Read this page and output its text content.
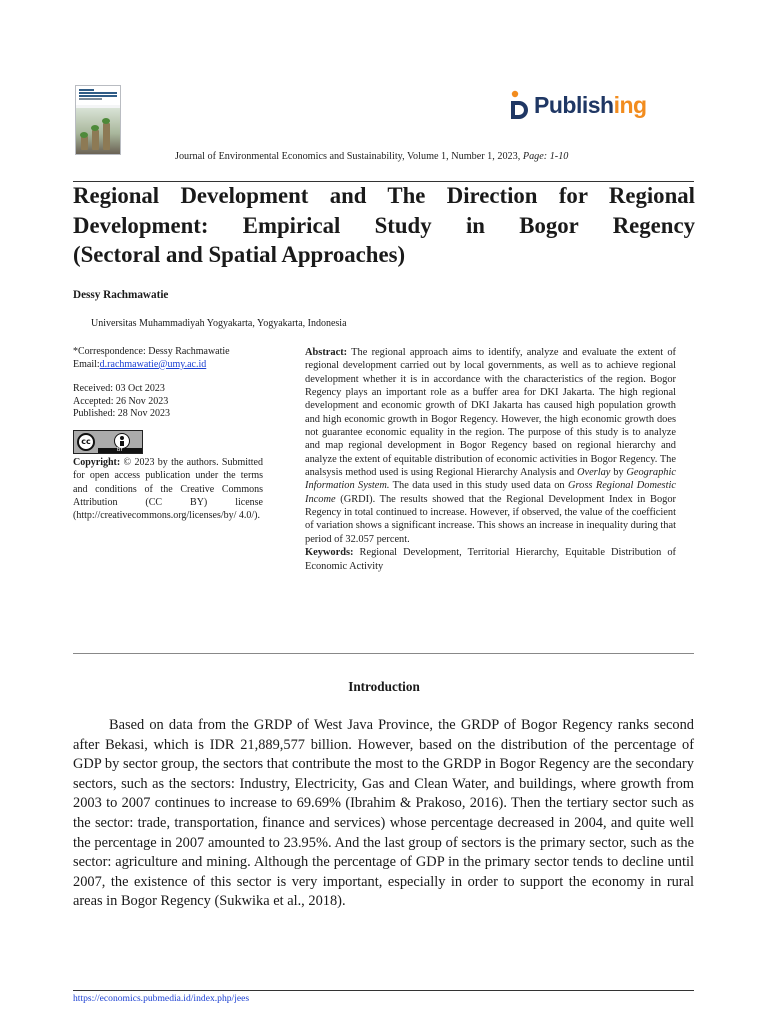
Publishing
Journal of Environmental Economics and Sustainability, Volume 1, Number 1, 2023, Page: 1-10
Regional Development and The Direction for Regional
Development: Empirical Study in Bogor Regency
(Sectoral and Spatial Approaches)
Dessy Rachmawatie
Universitas Muhammadiyah Yogyakarta, Yogyakarta, Indonesia
*Correspondence: Dessy Rachmawatie
Email:d.rachmawatie@umy.ac.id
Received: 03 Oct 2023
Accepted: 26 Nov 2023
Published: 28 Nov 2023
cc
BY
Copyright: © 2023 by the authors. Submitted for open access publication under the terms and conditions of the Creative Commons Attribution (CC BY) license (http://creativecommons.org/licenses/by/ 4.0/).
Abstract: The regional approach aims to identify, analyze and evaluate the extent of regional development carried out by local governments, as well as to achieve regional development whether it is in accordance with the characteristics of the region. Bogor Regency plays an important role as a buffer area for DKI Jakarta. The high regional development and economic growth of DKI Jakarta has caused high population growth and high economic growth in Bogor Regency. However, the high economic growth does not guarantee economic equality in the region. The purpose of this study is to analyze and map regional development in Bogor Regency based on regional hierarchy and analyze the extent of equitable distribution of economic activities in Bogor Regency. The analsysis method used is using Regional Hierarchy Analysis and Overlay by Geographic Information System. The data used in this study used data on Gross Regional Domestic Income (GRDI). The results showed that the Regional Development Index in Bogor Regency in total continued to increase. However, if observed, the value of the coefficient of variation shows a significant increase. This shows an increase in inequality during that period of 32.057 percent.
Keywords: Regional Development, Territorial Hierarchy, Equitable Distribution of Economic Activity
Introduction
Based on data from the GRDP of West Java Province, the GRDP of Bogor Regency ranks second after Bekasi, which is IDR 21,889,577 billion. However, based on the distribution of the percentage of GDP by sector group, the sectors that contribute the most to the GRDP in Bogor Regency are the secondary sectors, such as the sectors: Industry, Electricity, Gas and Clean Water, and buildings, where growth from 2003 to 2007 continues to increase to 69.69% (Ibrahim & Prakoso, 2016). Then the tertiary sector such as the sector: trade, transportation, finance and services) whose percentage decreased in 2004, and quite well the percentage in 2007 amounted to 23.95%. And the last group of sectors is the primary sector, such as the sector: agriculture and mining. Although the percentage of GDP in the primary sector tends to decline until 2007, the existence of this sector is very important, especially in order to support the economy in rural areas in Bogor Regency (Sukwika et al., 2018).
https://economics.pubmedia.id/index.php/jees
